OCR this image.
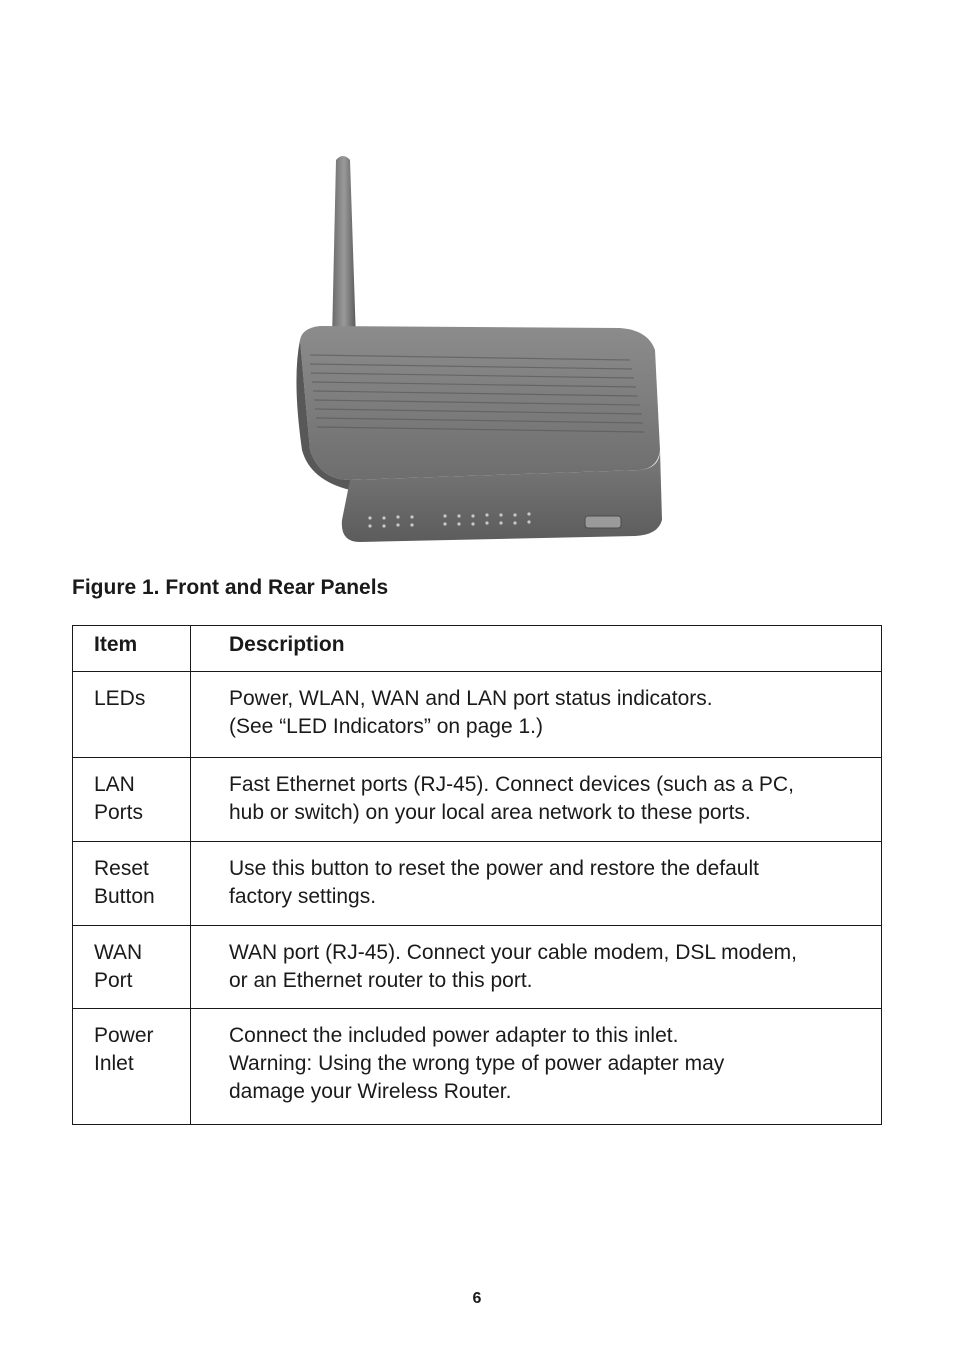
Figure 1. Front and Rear Panels

Item	Description

LEDs	Power, WLAN, WAN and LAN port status indicators.
(See “LED Indicators” on page 1.)

LAN
Ports	Fast Ethernet ports (RJ-45). Connect devices (such as a PC,
hub or switch) on your local area network to these ports.

Reset
Button	Use this button to reset the power and restore the default
factory settings.

WAN
Port	WAN port (RJ-45). Connect your cable modem, DSL modem,
or an Ethernet router to this port.

Power
Inlet	Connect the included power adapter to this inlet.
Warning: Using the wrong type of power adapter may
damage your Wireless Router.
6
